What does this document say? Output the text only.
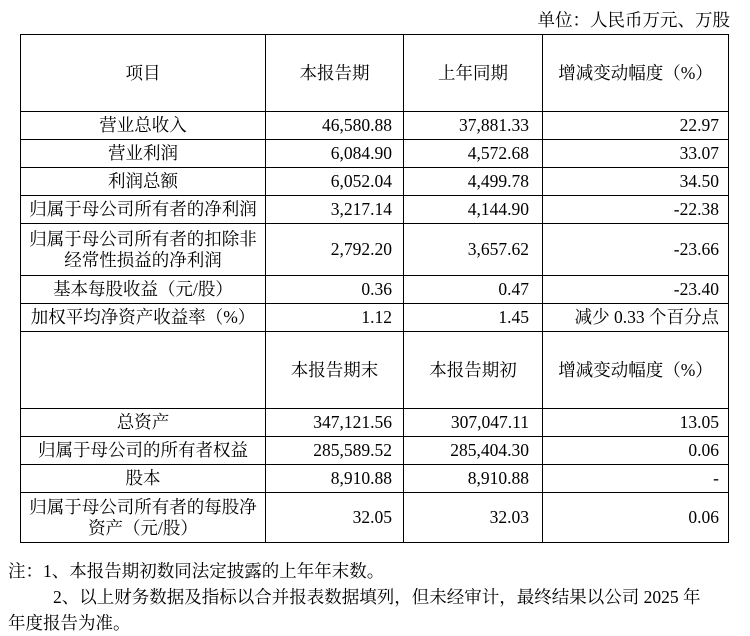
单位：人民币万元、万股
项目	本报告期	上年同期	增减变动幅度（%）
营业总收入	46,580.88	37,881.33	22.97
营业利润	6,084.90	4,572.68	33.07
利润总额	6,052.04	4,499.78	34.50
归属于母公司所有者的净利润	3,217.14	4,144.90	-22.38
归属于母公司所有者的扣除非经常性损益的净利润	2,792.20	3,657.62	-23.66
基本每股收益（元/股）	0.36	0.47	-23.40
加权平均净资产收益率（%）	1.12	1.45	减少 0.33 个百分点
	本报告期末	本报告期初	增减变动幅度（%）
总资产	347,121.56	307,047.11	13.05
归属于母公司的所有者权益	285,589.52	285,404.30	0.06
股本	8,910.88	8,910.88	-
归属于母公司所有者的每股净资产（元/股）	32.05	32.03	0.06
注：1、本报告期初数同法定披露的上年年末数。
2、以上财务数据及指标以合并报表数据填列，但未经审计，最终结果以公司 2025 年
年度报告为准。
